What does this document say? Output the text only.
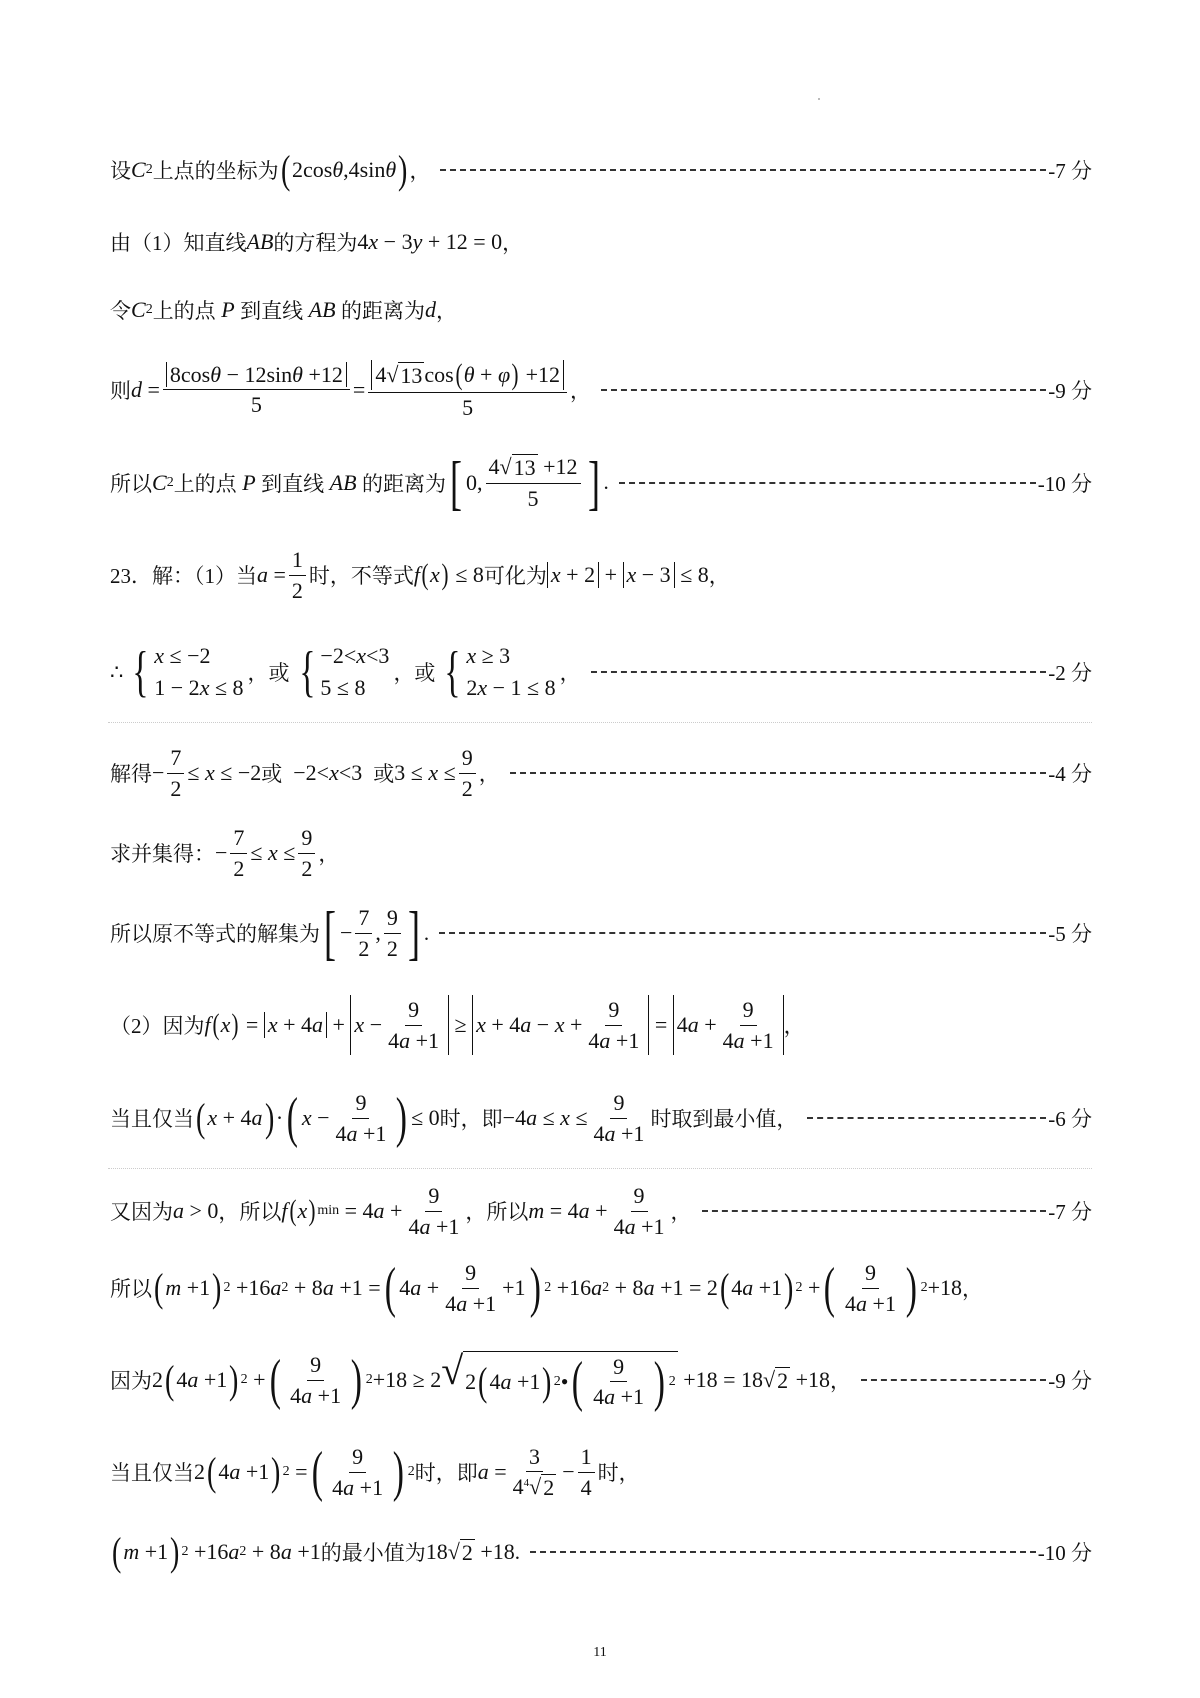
设 C 2 上点的坐标为 ( 2cos θ ,4sin θ ) ，	-7 分
由（1）知直线 AB 的方程为 4 x − 3 y + 12 = 0 ，
令 C 2 上的点 P 到直线 AB 的距离为 d ，
则 $d = \frac{\text{8cos θ − 12sin θ +12}}{5} = \frac{4 √ 13 \cos ( \theta + \varphi ) +12}{5}$ ，	-9 分
所以 C 2 上的点 P 到直线 AB 的距离为 [ 0, $\frac{4√ 13 +12}{5}$ ] .	-10 分
23．解：（1）当 $a = \frac{1}{2}$ 时，不等式 f ( x ) ≤ 8 可化为 x + 2 + x − 3 ≤ 8 ，
∴ { x ≤ −2
1 − 2x ≤ 8
，或 { −2<x<3
5 ≤ 8
，或 { x ≥ 3
2x − 1 ≤ 8
，	-2 分
解得 − $\frac{7}{2} \le x \le -2$ 或 −2< x <3 或 $3 \le x \le \frac{9}{2}$ ，	-4 分
求并集得： − $\frac{7}{2} \le x \le \frac{9}{2}$ ，
所以原不等式的解集为 [ − $\frac{7}{2}$ , $\frac{9}{2}$ ] .	-5 分
（2）因为 f ( x ) = x + 4 $a + x - \frac{9}{4a +1} \ge x + 4$ $a - x + \frac{9}{4a +1} = 4$ $a + \frac{9}{4a +1}$ ，
当且仅当 ( x + 4 a ) · ( $x - \frac{9}{4a +1}$ ) ≤ 0 时，即 −4 $a \le x \le \frac{9}{4a +1}$ 时取到最小值，	-6 分
又因为 a > 0 ，所以 f ( x ) min = 4 $a + \frac{9}{4a +1}$ ，所以 m = 4 $a + \frac{9}{4a +1}$ ，	-7 分
所以 ( m +1 ) 2 +16 a 2 + 8 a +1 = ( 4 $a + \frac{9}{4a +1} +1$ ) 2 +16 a 2 + 8 a +1 = 2 ( 4 a +1 ) 2 + ( $\frac{9}{4a +1}$ ) 2 +18 ，
因为 2 ( 4 a +1 ) 2 + ( $\frac{9}{4a +1}$ ) 2 +18 ≥ 2 √ 2 ( 4 a +1 ) 2 • ( $\frac{9}{4a +1}$ ) 2 +18 = 18 √ 2 +18 ，	-9 分
当且仅当 2 ( 4 a +1 ) 2 = ( $\frac{9}{4a +1}$ ) 2 时，即 $a = \frac{3}{4^4√ 2} - \frac{1}{4}$ 时，
( m +1 ) 2 +16 a 2 + 8 a +1 的最小值为 18 √ 2 +18 .	-10 分
11
